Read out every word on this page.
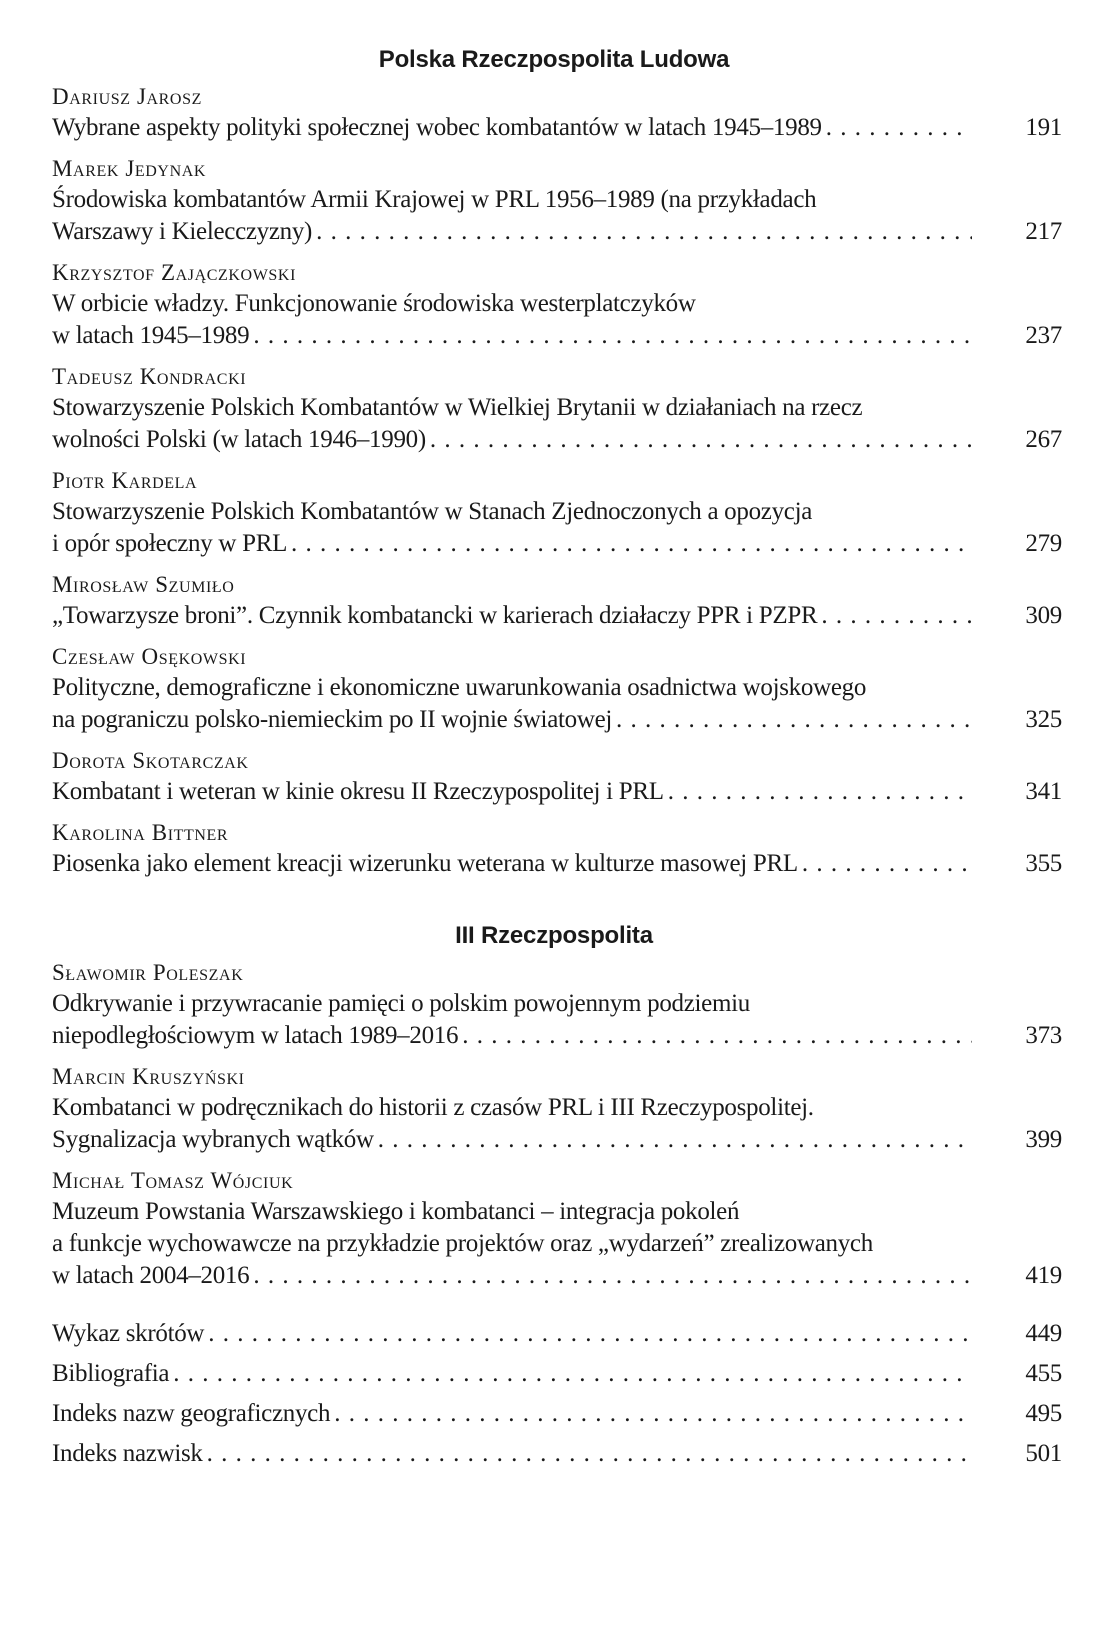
Polska Rzeczpospolita Ludowa
Dariusz Jarosz
Wybrane aspekty polityki społecznej wobec kombatantów w latach 1945–1989 . . .	191
Marek Jedynak
Środowiska kombatantów Armii Krajowej w PRL 1956–1989 (na przykładach
Warszawy i Kielecczyzny) . . .	217
Krzysztof Zajączkowski
W orbicie władzy. Funkcjonowanie środowiska westerplatczyków
w latach 1945–1989 . . .	237
Tadeusz Kondracki
Stowarzyszenie Polskich Kombatantów w Wielkiej Brytanii w działaniach na rzecz
wolności Polski (w latach 1946–1990) . . .	267
Piotr Kardela
Stowarzyszenie Polskich Kombatantów w Stanach Zjednoczonych a opozycja
i opór społeczny w PRL . . .	279
Mirosław Szumiło
„Towarzysze broni”. Czynnik kombatancki w karierach działaczy PPR i PZPR . . .	309
Czesław Osękowski
Polityczne, demograficzne i ekonomiczne uwarunkowania osadnictwa wojskowego
na pograniczu polsko-niemieckim po II wojnie światowej . . .	325
Dorota Skotarczak
Kombatant i weteran w kinie okresu II Rzeczypospolitej i PRL . . .	341
Karolina Bittner
Piosenka jako element kreacji wizerunku weterana w kulturze masowej PRL . . .	355
III Rzeczpospolita
Sławomir Poleszak
Odkrywanie i przywracanie pamięci o polskim powojennym podziemiu
niepodległościowym w latach 1989–2016 . . .	373
Marcin Kruszyński
Kombatanci w podręcznikach do historii z czasów PRL i III Rzeczypospolitej.
Sygnalizacja wybranych wątków . . .	399
Michał Tomasz Wójciuk
Muzeum Powstania Warszawskiego i kombatanci – integracja pokoleń
a funkcje wychowawcze na przykładzie projektów oraz „wydarzeń” zrealizowanych
w latach 2004–2016 . . .	419
Wykaz skrótów . . .	449
Bibliografia . . .	455
Indeks nazw geograficznych . . .	495
Indeks nazwisk . . .	501
